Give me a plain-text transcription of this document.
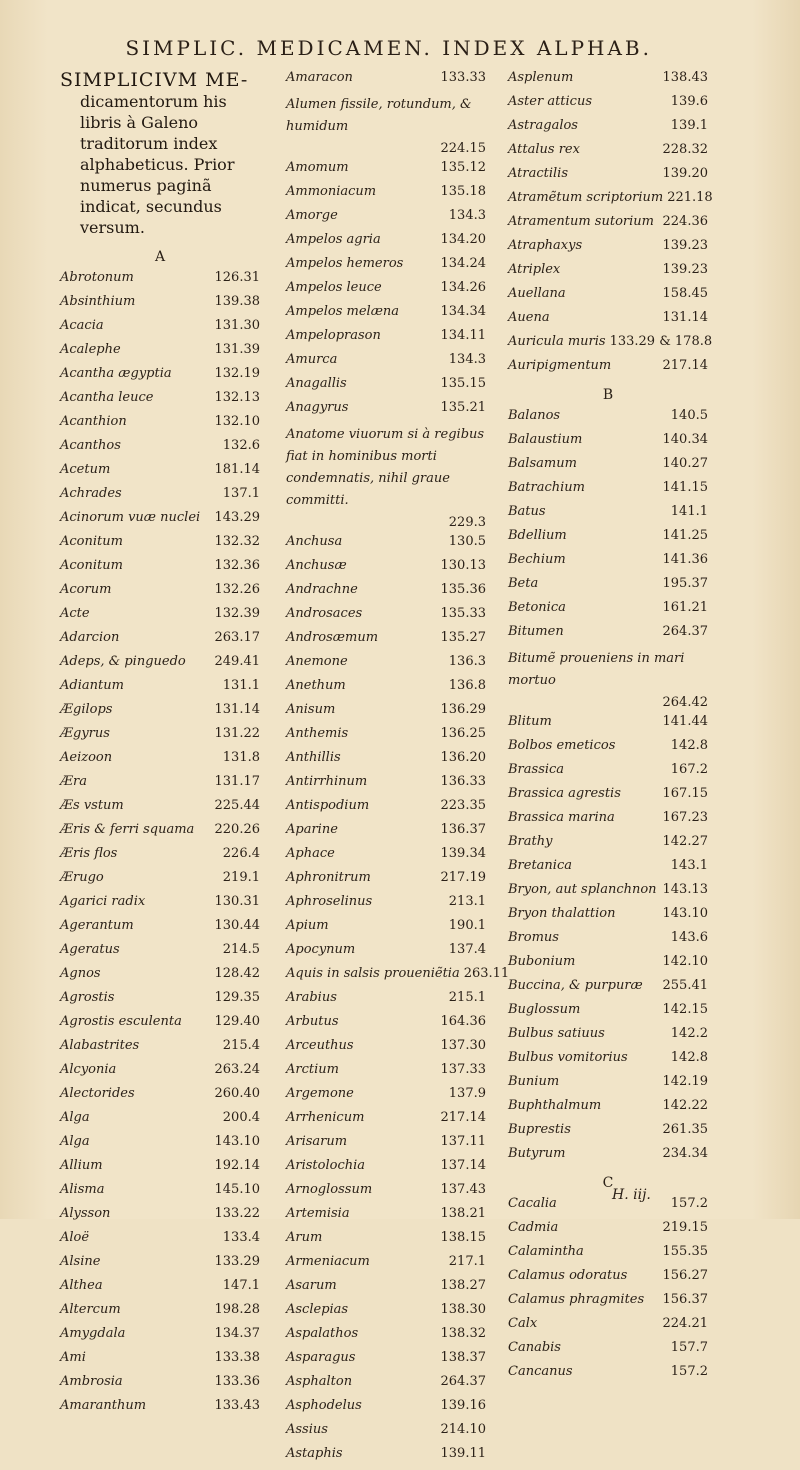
SIMPLIC. MEDICAMEN. INDEX ALPHAB.
SIMPLICIVM ME-
dicamentorum his libris à Galeno traditorum index alphabeticus. Prior numerus paginã indicat, secundus versum.
A
Abrotonum	126.31
Absinthium	139.38
Acacia	131.30
Acalephe	131.39
Acantha ægyptia	132.19
Acantha leuce	132.13
Acanthion	132.10
Acanthos	132.6
Acetum	181.14
Achrades	137.1
Acinorum vuæ nuclei	143.29
Aconitum	132.32
Aconitum	132.36
Acorum	132.26
Acte	132.39
Adarcion	263.17
Adeps, & pinguedo	249.41
Adiantum	131.1
Ægilops	131.14
Ægyrus	131.22
Aeizoon	131.8
Æra	131.17
Æs vstum	225.44
Æris & ferri squama	220.26
Æris flos	226.4
Ærugo	219.1
Agarici radix	130.31
Agerantum	130.44
Ageratus	214.5
Agnos	128.42
Agrostis	129.35
Agrostis esculenta	129.40
Alabastrites	215.4
Alcyonia	263.24
Alectorides	260.40
Alga	200.4
Alga	143.10
Allium	192.14
Alisma	145.10
Alysson	133.22
Aloë	133.4
Alsine	133.29
Althea	147.1
Altercum	198.28
Amygdala	134.37
Ami	133.38
Ambrosia	133.36
Amaranthum	133.43
Amaracon	133.33
Alumen fissile, rotundum, & humidum
224.15
Amomum	135.12
Ammoniacum	135.18
Amorge	134.3
Ampelos agria	134.20
Ampelos hemeros	134.24
Ampelos leuce	134.26
Ampelos melæna	134.34
Ampeloprason	134.11
Amurca	134.3
Anagallis	135.15
Anagyrus	135.21
Anatome viuorum si à regibus fiat in hominibus morti condemnatis, nihil graue committi.
229.3
Anchusa	130.5
Anchusæ	130.13
Andrachne	135.36
Androsaces	135.33
Androsæmum	135.27
Anemone	136.3
Anethum	136.8
Anisum	136.29
Anthemis	136.25
Anthillis	136.20
Antirrhinum	136.33
Antispodium	223.35
Aparine	136.37
Aphace	139.34
Aphronitrum	217.19
Aphroselinus	213.1
Apium	190.1
Apocynum	137.4
Aquis in salsis proueniẽtia 263.11
Arabius	215.1
Arbutus	164.36
Arceuthus	137.30
Arctium	137.33
Argemone	137.9
Arrhenicum	217.14
Arisarum	137.11
Aristolochia	137.14
Arnoglossum	137.43
Artemisia	138.21
Arum	138.15
Armeniacum	217.1
Asarum	138.27
Asclepias	138.30
Aspalathos	138.32
Asparagus	138.37
Asphalton	264.37
Asphodelus	139.16
Assius	214.10
Astaphis	139.11
Asplenum	138.43
Aster atticus	139.6
Astragalos	139.1
Attalus rex	228.32
Atractilis	139.20
Atramẽtum scriptorium 221.18
Atramentum sutorium 224.36
Atraphaxys	139.23
Atriplex	139.23
Auellana	158.45
Auena	131.14
Auricula muris 133.29 & 178.8
Auripigmentum	217.14
B
Balanos	140.5
Balaustium	140.34
Balsamum	140.27
Batrachium	141.15
Batus	141.1
Bdellium	141.25
Bechium	141.36
Beta	195.37
Betonica	161.21
Bitumen	264.37
Bitumẽ proueniens in mari mortuo
264.42
Blitum	141.44
Bolbos emeticos	142.8
Brassica	167.2
Brassica agrestis	167.15
Brassica marina	167.23
Brathy	142.27
Bretanica	143.1
Bryon, aut splanchnon 143.13
Bryon thalattion	143.10
Bromus	143.6
Bubonium	142.10
Buccina, & purpuræ	255.41
Buglossum	142.15
Bulbus satiuus	142.2
Bulbus vomitorius	142.8
Bunium	142.19
Buphthalmum	142.22
Buprestis	261.35
Butyrum	234.34
C
Cacalia	157.2
Cadmia	219.15
Calamintha	155.35
Calamus odoratus	156.27
Calamus phragmites	156.37
Calx	224.21
Canabis	157.7
Cancanus	157.2
H. iij.
